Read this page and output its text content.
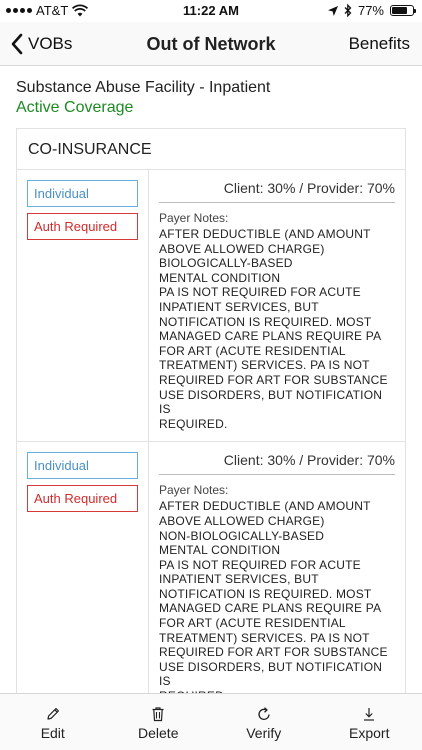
AT&T	11:22 AM	77%
VOBs	Out of Network	Benefits
Substance Abuse Facility - Inpatient
Active Coverage
CO-INSURANCE
Individual
Auth Required
Client: 30% / Provider: 70%
Payer Notes:
AFTER DEDUCTIBLE (AND AMOUNT
ABOVE ALLOWED CHARGE)
BIOLOGICALLY-BASED
MENTAL CONDITION
PA IS NOT REQUIRED FOR ACUTE
INPATIENT SERVICES, BUT
NOTIFICATION IS REQUIRED. MOST
MANAGED CARE PLANS REQUIRE PA
FOR ART (ACUTE RESIDENTIAL
TREATMENT) SERVICES. PA IS NOT
REQUIRED FOR ART FOR SUBSTANCE
USE DISORDERS, BUT NOTIFICATION IS
REQUIRED.
Individual
Auth Required
Client: 30% / Provider: 70%
Payer Notes:
AFTER DEDUCTIBLE (AND AMOUNT
ABOVE ALLOWED CHARGE)
NON-BIOLOGICALLY-BASED
MENTAL CONDITION
PA IS NOT REQUIRED FOR ACUTE
INPATIENT SERVICES, BUT
NOTIFICATION IS REQUIRED. MOST
MANAGED CARE PLANS REQUIRE PA
FOR ART (ACUTE RESIDENTIAL
TREATMENT) SERVICES. PA IS NOT
REQUIRED FOR ART FOR SUBSTANCE
USE DISORDERS, BUT NOTIFICATION IS

Edit	Delete	Verify	Export
